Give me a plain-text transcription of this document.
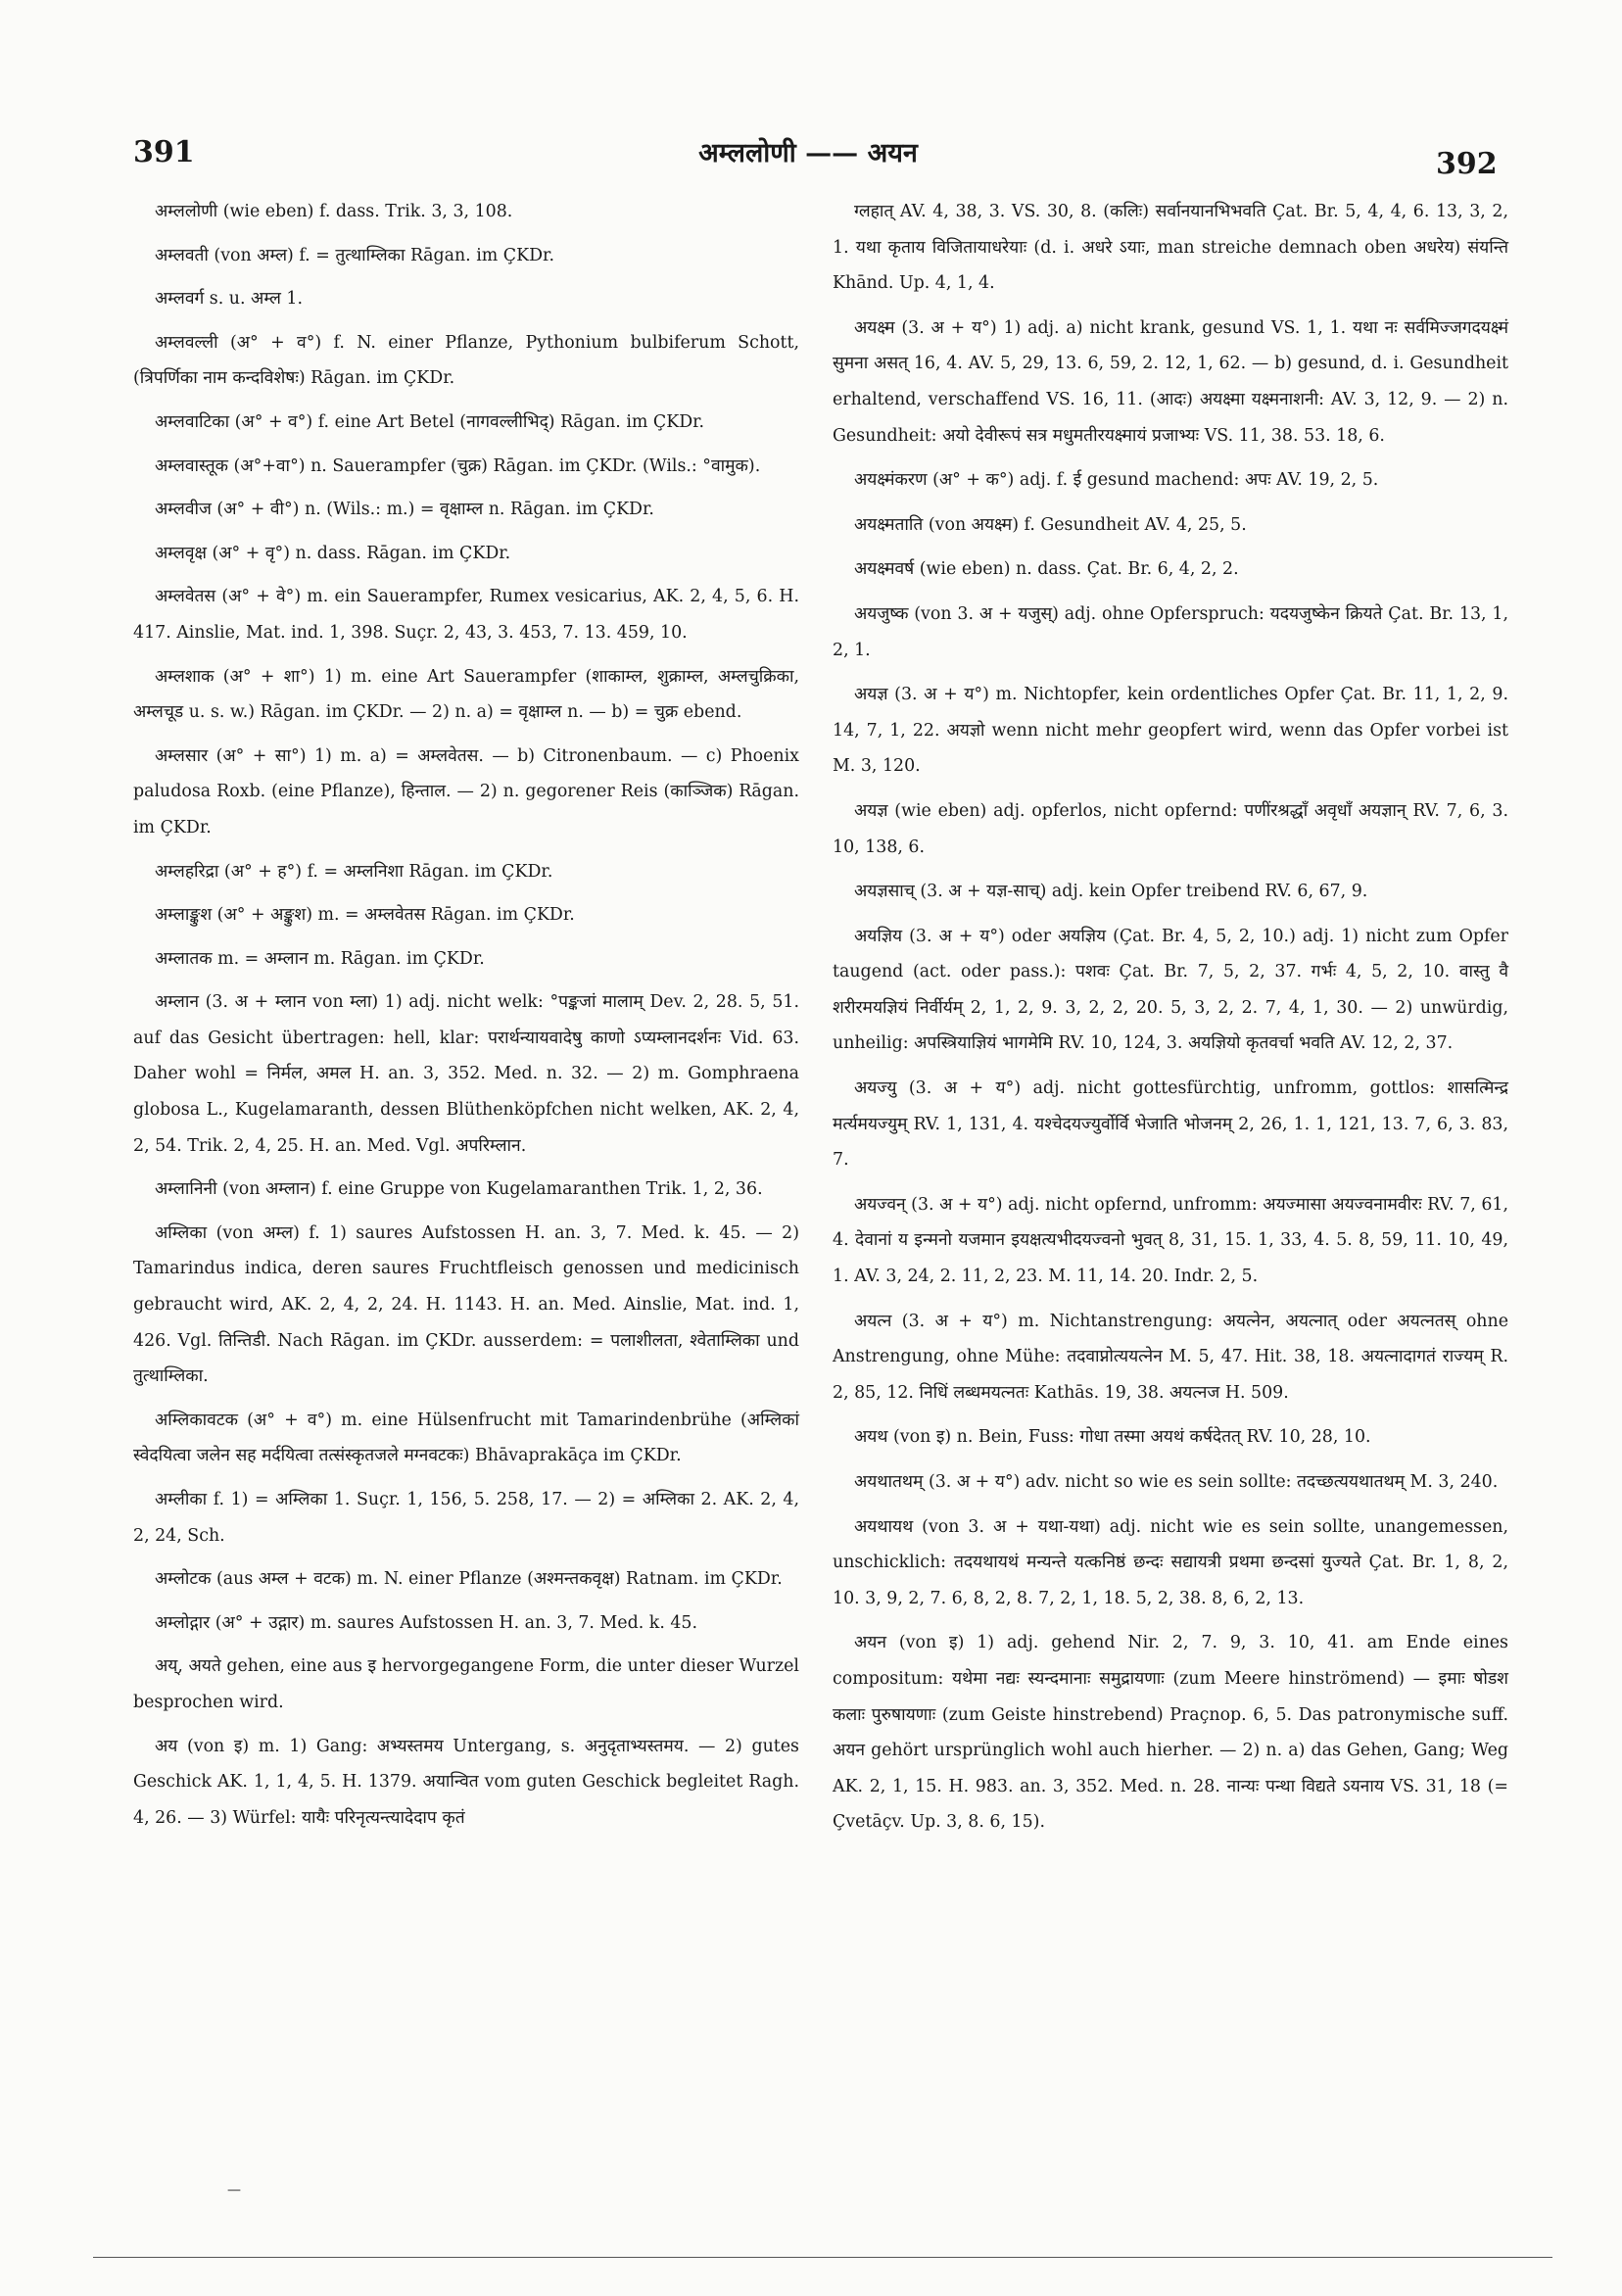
391	अम्ललोणी —— अयन	392

अम्ललोणी (wie eben) f. dass. Trik. 3, 3, 108.

अम्लवती (von अम्ल) f. = तुत्थाम्लिका Rāgan. im ÇKDr.

अम्लवर्ग s. u. अम्ल 1.

अम्लवल्ली (अ° + व°) f. N. einer Pflanze, Pythonium bulbiferum Schott, (त्रिपर्णिका नाम कन्दविशेषः) Rāgan. im ÇKDr.

अम्लवाटिका (अ° + व°) f. eine Art Betel (नागवल्लीभिद्) Rāgan. im ÇKDr.

अम्लवास्तूक (अ°+वा°) n. Sauerampfer (चुक्र) Rāgan. im ÇKDr. (Wils.: °वामुक).

अम्लवीज (अ° + वी°) n. (Wils.: m.) = वृक्षाम्ल n. Rāgan. im ÇKDr.

अम्लवृक्ष (अ° + वृ°) n. dass. Rāgan. im ÇKDr.

अम्लवेतस (अ° + वे°) m. ein Sauerampfer, Rumex vesicarius, AK. 2, 4, 5, 6. H. 417. Ainslie, Mat. ind. 1, 398. Suçr. 2, 43, 3. 453, 7. 13. 459, 10.

अम्लशाक (अ° + शा°) 1) m. eine Art Sauerampfer (शाकाम्ल, शुक्राम्ल, अम्लचुक्रिका, अम्लचूड u. s. w.) Rāgan. im ÇKDr. — 2) n. a) = वृक्षाम्ल n. — b) = चुक्र ebend.

अम्लसार (अ° + सा°) 1) m. a) = अम्लवेतस. — b) Citronenbaum. — c) Phoenix paludosa Roxb. (eine Pflanze), हिन्ताल. — 2) n. gegorener Reis (काञ्जिक) Rāgan. im ÇKDr.

अम्लहरिद्रा (अ° + ह°) f. = अम्लनिशा Rāgan. im ÇKDr.

अम्लाङ्कुश (अ° + अङ्कुश) m. = अम्लवेतस Rāgan. im ÇKDr.

अम्लातक m. = अम्लान m. Rāgan. im ÇKDr.

अम्लान (3. अ + म्लान von म्ला) 1) adj. nicht welk: °पङ्कजां मालाम् Dev. 2, 28. 5, 51. auf das Gesicht übertragen: hell, klar: परार्थन्यायवादेषु काणो ऽप्यम्लानदर्शनः Vid. 63. Daher wohl = निर्मल, अमल H. an. 3, 352. Med. n. 32. — 2) m. Gomphraena globosa L., Kugelamaranth, dessen Blüthenköpfchen nicht welken, AK. 2, 4, 2, 54. Trik. 2, 4, 25. H. an. Med. Vgl. अपरिम्लान.

अम्लानिनी (von अम्लान) f. eine Gruppe von Kugelamaranthen Trik. 1, 2, 36.

अम्लिका (von अम्ल) f. 1) saures Aufstossen H. an. 3, 7. Med. k. 45. — 2) Tamarindus indica, deren saures Fruchtfleisch genossen und medicinisch gebraucht wird, AK. 2, 4, 2, 24. H. 1143. H. an. Med. Ainslie, Mat. ind. 1, 426. Vgl. तिन्तिडी. Nach Rāgan. im ÇKDr. ausserdem: = पलाशीलता, श्वेताम्लिका und तुत्थाम्लिका.

अम्लिकावटक (अ° + व°) m. eine Hülsenfrucht mit Tamarindenbrühe (अम्लिकां स्वेदयित्वा जलेन सह मर्दयित्वा तत्संस्कृतजले मग्नवटकः) Bhāvaprakāça im ÇKDr.

अम्लीका f. 1) = अम्लिका 1. Suçr. 1, 156, 5. 258, 17. — 2) = अम्लिका 2. AK. 2, 4, 2, 24, Sch.

अम्लोटक (aus अम्ल + वटक) m. N. einer Pflanze (अश्मन्तकवृक्ष) Ratnam. im ÇKDr.

अम्लोद्गार (अ° + उद्गार) m. saures Aufstossen H. an. 3, 7. Med. k. 45.

अय्, अयते gehen, eine aus इ hervorgegangene Form, die unter dieser Wurzel besprochen wird.

अय (von इ) m. 1) Gang: अभ्यस्तमय Untergang, s. अनुदृताभ्यस्तमय. — 2) gutes Geschick AK. 1, 1, 4, 5. H. 1379. अयान्वित vom guten Geschick begleitet Ragh. 4, 26. — 3) Würfel: यायैः परिनृत्यन्त्यादेदाप कृतं

ग्लहात् AV. 4, 38, 3. VS. 30, 8. (कलिः) सर्वानयानभिभवति Çat. Br. 5, 4, 4, 6. 13, 3, 2, 1. यथा कृताय विजितायाधरेयाः (d. i. अधरे ऽयाः, man streiche demnach oben अधरेय) संयन्ति Khānd. Up. 4, 1, 4.

अयक्ष्म (3. अ + य°) 1) adj. a) nicht krank, gesund VS. 1, 1. यथा नः सर्वमिज्जगदयक्ष्मं सुमना असत् 16, 4. AV. 5, 29, 13. 6, 59, 2. 12, 1, 62. — b) gesund, d. i. Gesundheit erhaltend, verschaffend VS. 16, 11. (आदः) अयक्ष्मा यक्ष्मनाशनी: AV. 3, 12, 9. — 2) n. Gesundheit: अयो देवीरूपं सत्र मधुमतीरयक्ष्मायं प्रजाभ्यः VS. 11, 38. 53. 18, 6.

अयक्ष्मंकरण (अ° + क°) adj. f. ई gesund machend: अपः AV. 19, 2, 5.

अयक्ष्मताति (von अयक्ष्म) f. Gesundheit AV. 4, 25, 5.

अयक्ष्मवर्ष (wie eben) n. dass. Çat. Br. 6, 4, 2, 2.

अयजुष्क (von 3. अ + यजुस्) adj. ohne Opferspruch: यदयजुष्केन क्रियते Çat. Br. 13, 1, 2, 1.

अयज्ञ (3. अ + य°) m. Nichtopfer, kein ordentliches Opfer Çat. Br. 11, 1, 2, 9. 14, 7, 1, 22. अयज्ञो wenn nicht mehr geopfert wird, wenn das Opfer vorbei ist M. 3, 120.

अयज्ञ (wie eben) adj. opferlos, nicht opfernd: पणींरश्रद्धाँ अवृधाँ अयज्ञान् RV. 7, 6, 3. 10, 138, 6.

अयज्ञसाच् (3. अ + यज्ञ-साच्) adj. kein Opfer treibend RV. 6, 67, 9.

अयज्ञिय (3. अ + य°) oder अयज्ञिय (Çat. Br. 4, 5, 2, 10.) adj. 1) nicht zum Opfer taugend (act. oder pass.): पशवः Çat. Br. 7, 5, 2, 37. गर्भः 4, 5, 2, 10. वास्तु वै शरीरमयज्ञियं निर्वीर्यम् 2, 1, 2, 9. 3, 2, 2, 20. 5, 3, 2, 2. 7, 4, 1, 30. — 2) unwürdig, unheilig: अपस्त्रियाज्ञियं भागमेमि RV. 10, 124, 3. अयज्ञियो कृतवर्चा भवति AV. 12, 2, 37.

अयज्यु (3. अ + य°) adj. nicht gottesfürchtig, unfromm, gottlos: शासत्मिन्द्र मर्त्यमयज्युम् RV. 1, 131, 4. यश्चेदयज्युर्वोर्वि भेजाति भोजनम् 2, 26, 1. 1, 121, 13. 7, 6, 3. 83, 7.

अयज्वन् (3. अ + य°) adj. nicht opfernd, unfromm: अयज्मासा अयज्वनामवीरः RV. 7, 61, 4. देवानां य इन्मनो यजमान इयक्षत्यभीदयज्वनो भुवत् 8, 31, 15. 1, 33, 4. 5. 8, 59, 11. 10, 49, 1. AV. 3, 24, 2. 11, 2, 23. M. 11, 14. 20. Indr. 2, 5.

अयत्न (3. अ + य°) m. Nichtanstrengung: अयत्नेन, अयत्नात् oder अयत्नतस् ohne Anstrengung, ohne Mühe: तदवाप्नोत्ययत्नेन M. 5, 47. Hit. 38, 18. अयत्नादागतं राज्यम् R. 2, 85, 12. निधिं लब्धमयत्नतः Kathās. 19, 38. अयत्नज H. 509.

अयथ (von इ) n. Bein, Fuss: गोधा तस्मा अयथं कर्षदेतत् RV. 10, 28, 10.

अयथातथम् (3. अ + य°) adv. nicht so wie es sein sollte: तदच्छत्ययथातथम् M. 3, 240.

अयथायथ (von 3. अ + यथा-यथा) adj. nicht wie es sein sollte, unangemessen, unschicklich: तदयथायथं मन्यन्ते यत्कनिष्ठं छन्दः सद्यायत्री प्रथमा छन्दसां युज्यते Çat. Br. 1, 8, 2, 10. 3, 9, 2, 7. 6, 8, 2, 8. 7, 2, 1, 18. 5, 2, 38. 8, 6, 2, 13.

अयन (von इ) 1) adj. gehend Nir. 2, 7. 9, 3. 10, 41. am Ende eines compositum: यथेमा नद्यः स्यन्दमानाः समुद्रायणाः (zum Meere hinströmend) — इमाः षोडश कलाः पुरुषायणाः (zum Geiste hinstrebend) Praçnop. 6, 5. Das patronymische suff. अयन gehört ursprünglich wohl auch hierher. — 2) n. a) das Gehen, Gang; Weg AK. 2, 1, 15. H. 983. an. 3, 352. Med. n. 28. नान्यः पन्था विद्यते ऽयनाय VS. 31, 18 (= Çvetāçv. Up. 3, 8. 6, 15).

—
